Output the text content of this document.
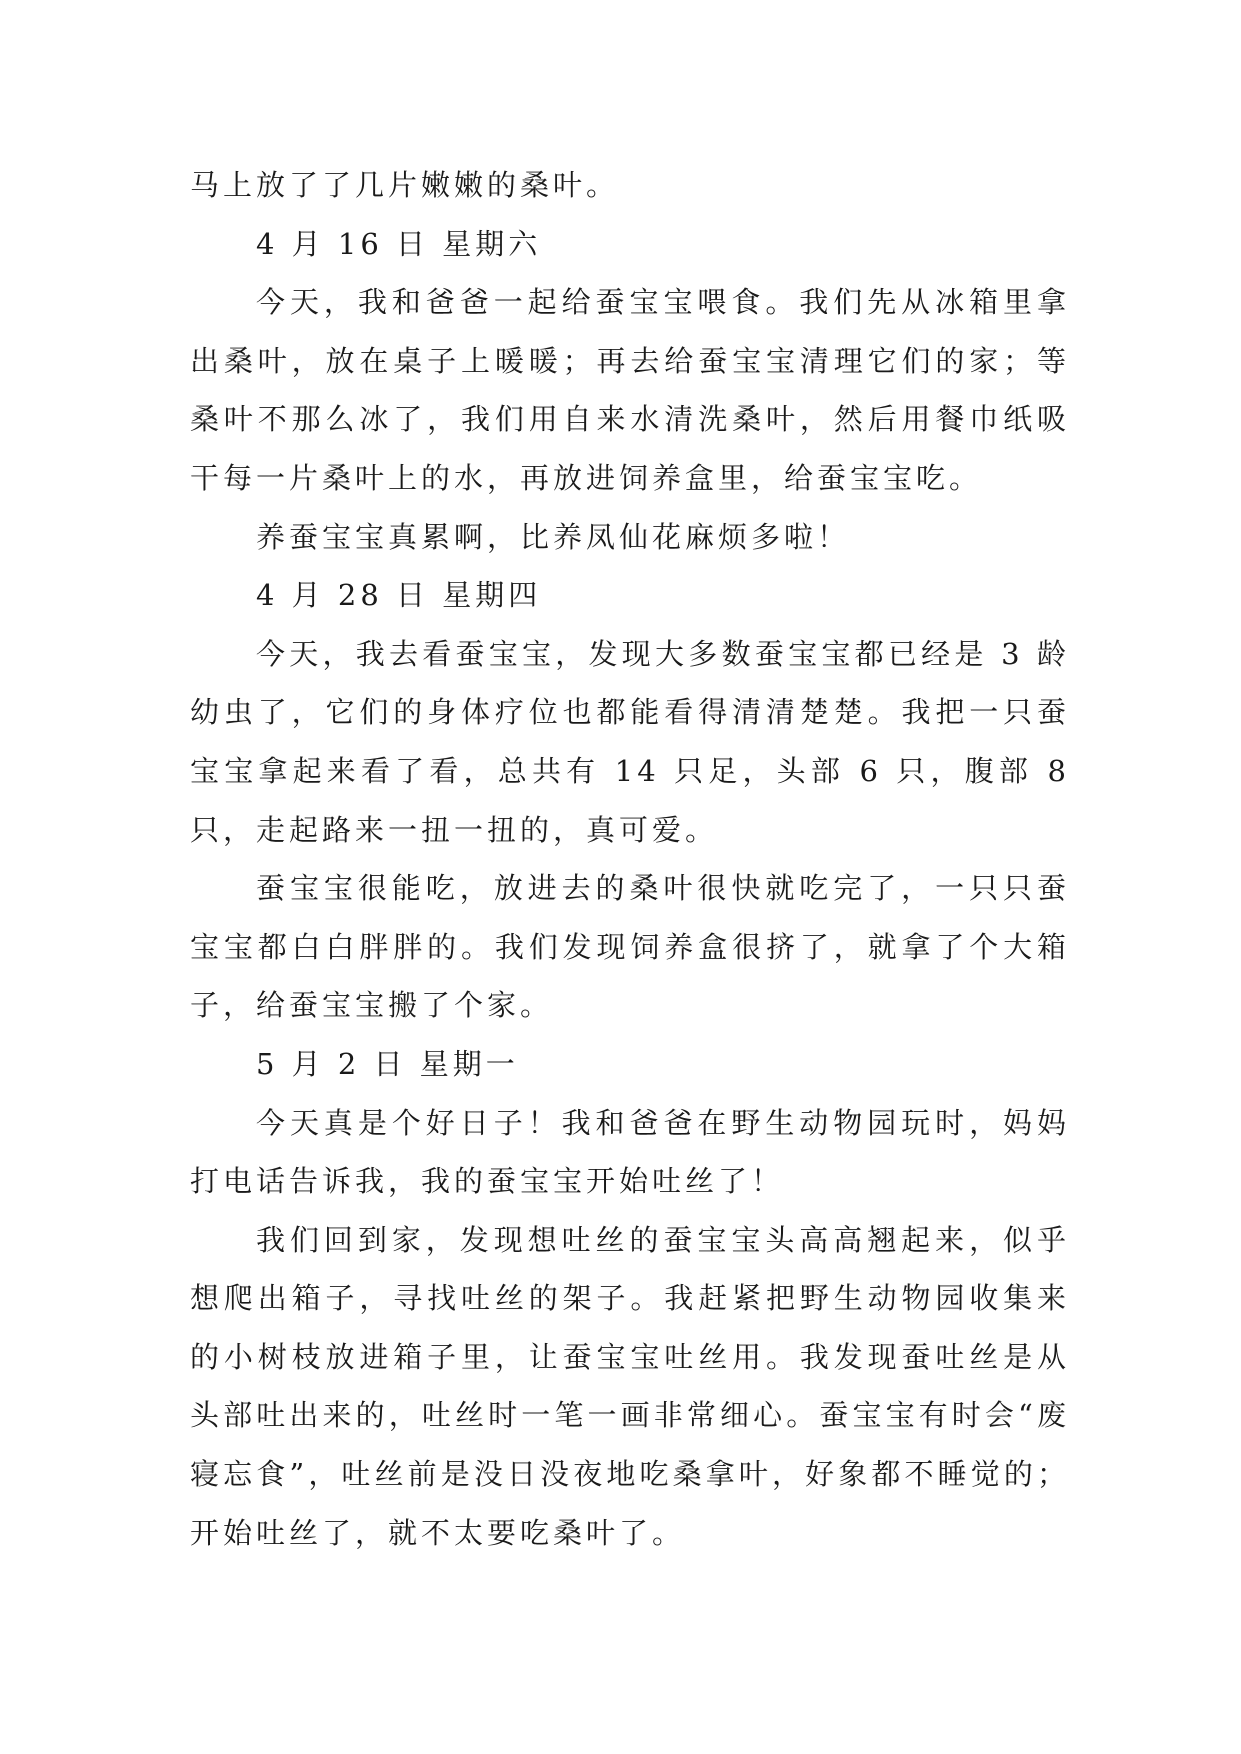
马上放了了几片嫩嫩的桑叶。

4 月 16 日 星期六

今天，我和爸爸一起给蚕宝宝喂食。我们先从冰箱里拿出桑叶，放在桌子上暖暖；再去给蚕宝宝清理它们的家；等桑叶不那么冰了，我们用自来水清洗桑叶，然后用餐巾纸吸干每一片桑叶上的水，再放进饲养盒里，给蚕宝宝吃。

养蚕宝宝真累啊，比养凤仙花麻烦多啦！

4 月 28 日 星期四

今天，我去看蚕宝宝，发现大多数蚕宝宝都已经是 3 龄幼虫了，它们的身体疗位也都能看得清清楚楚。我把一只蚕宝宝拿起来看了看，总共有 14 只足，头部 6 只，腹部 8 只，走起路来一扭一扭的，真可爱。

蚕宝宝很能吃，放进去的桑叶很快就吃完了，一只只蚕宝宝都白白胖胖的。我们发现饲养盒很挤了，就拿了个大箱子，给蚕宝宝搬了个家。

5 月 2 日 星期一

今天真是个好日子！我和爸爸在野生动物园玩时，妈妈打电话告诉我，我的蚕宝宝开始吐丝了！

我们回到家，发现想吐丝的蚕宝宝头高高翘起来，似乎想爬出箱子，寻找吐丝的架子。我赶紧把野生动物园收集来的小树枝放进箱子里，让蚕宝宝吐丝用。我发现蚕吐丝是从头部吐出来的，吐丝时一笔一画非常细心。蚕宝宝有时会“废寝忘食”，吐丝前是没日没夜地吃桑拿叶，好象都不睡觉的；开始吐丝了，就不太要吃桑叶了。
